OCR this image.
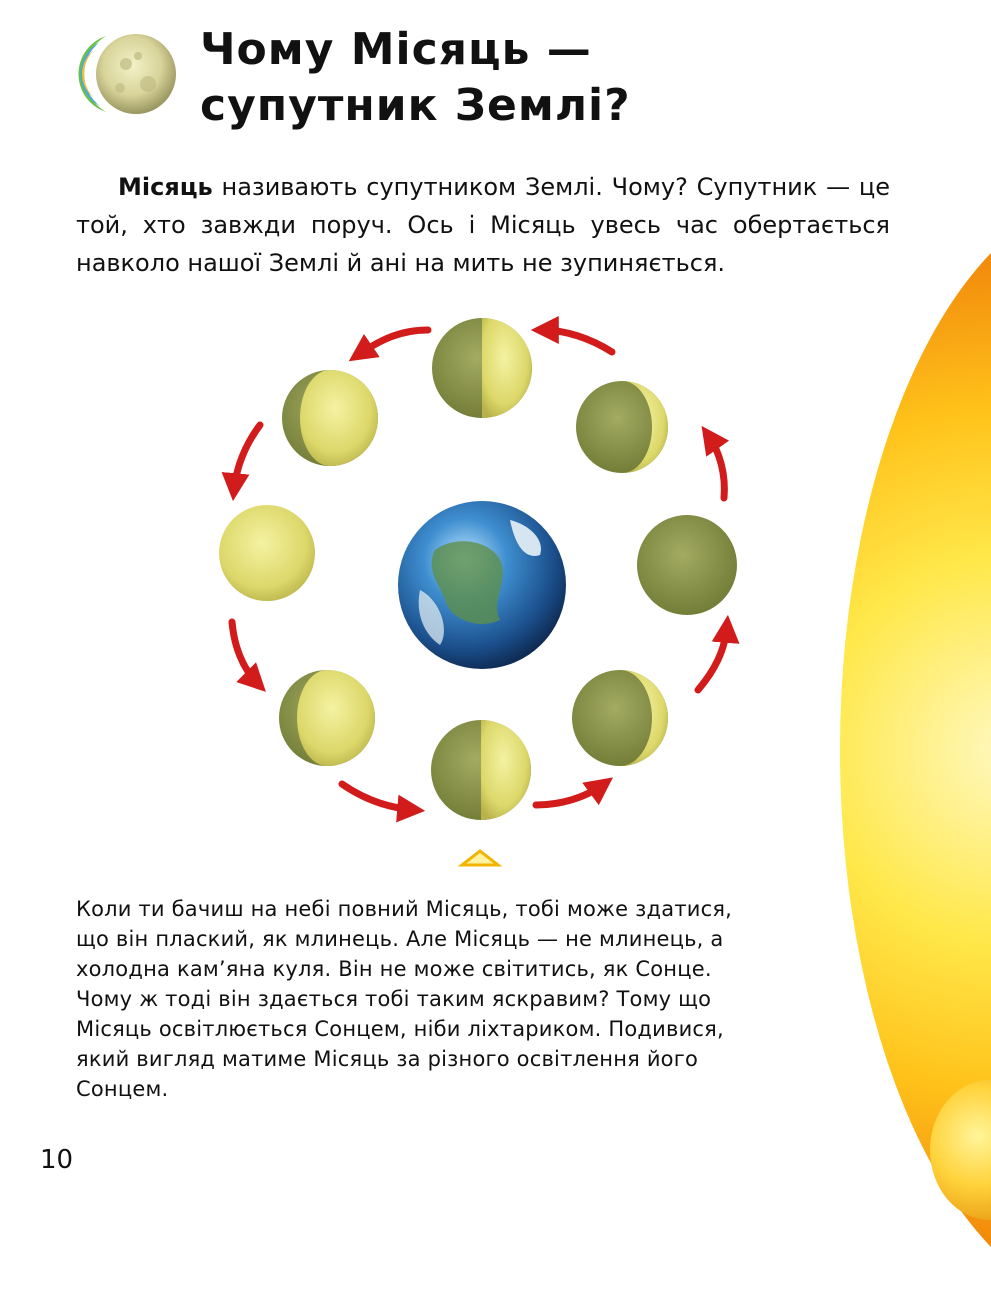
Чому Місяць —
супутник Землі?

Місяць називають супутником Землі. Чому? Супутник — це той, хто завжди поруч. Ось і Місяць увесь час обертається навколо нашої Землі й ані на мить не зупиняється.

Коли ти бачиш на небі повний Місяць, тобі може здатися, що він плаский, як млинець. Але Місяць — не млинець, а холодна кам’яна куля. Він не може світитись, як Сонце. Чому ж тоді він здається тобі таким яскравим? Тому що Місяць освітлюється Сонцем, ніби ліхтариком. Подивися, який вигляд матиме Місяць за різного освітлення його Сонцем.

10
